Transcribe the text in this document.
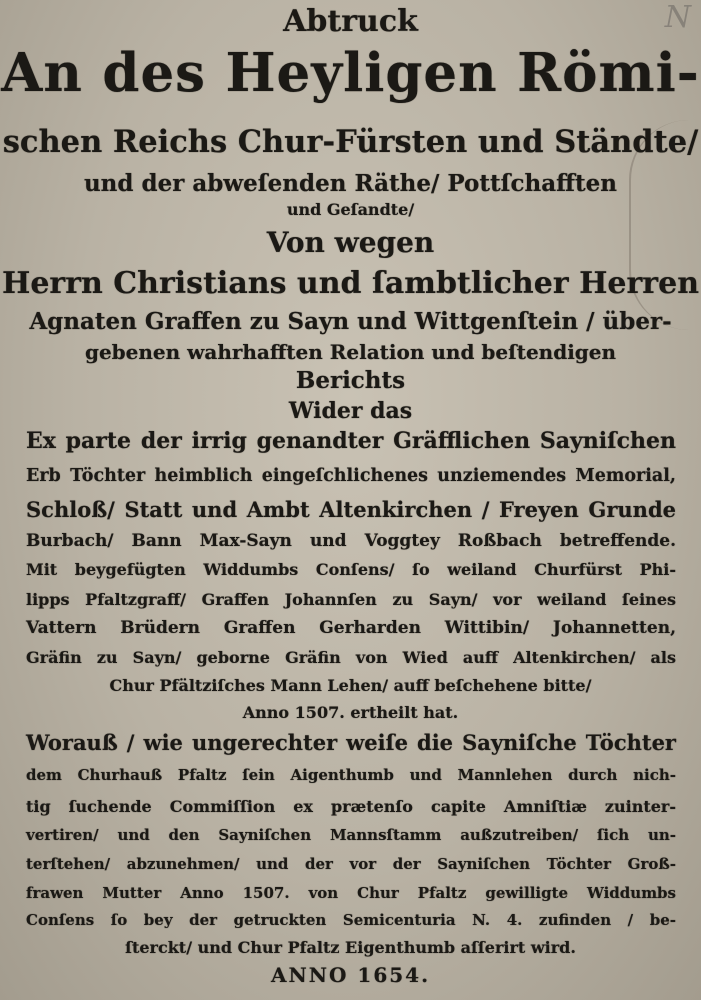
N
Abtruck
An des Heyligen Römi-
schen Reichs Chur-Fürsten und Ständte/
und der abweſenden Räthe/ Pottſchafften
und Geſandte/
Von wegen
Herrn Christians und ſambtlicher Herren
Agnaten Graffen zu Sayn und Wittgenſtein / über-
gebenen wahrhafften Relation und beſtendigen
Berichts
Wider das
Ex parte der irrig genandter Gräfflichen Sayniſchen
Erb Töchter heimblich eingeſchlichenes unziemendes Memorial,
Schloß/ Statt und Ambt Altenkirchen / Freyen Grunde
Burbach/ Bann Max-Sayn und Voggtey Roßbach betreffende.
Mit beygefügten Widdumbs Conſens/ ſo weiland Churfürst Phi-
lipps Pfaltzgraff/ Graffen Johannſen zu Sayn/ vor weiland ſeines
Vattern Brüdern Graffen Gerharden Wittibin/ Johannetten,
Gräfin zu Sayn/ geborne Gräfin von Wied auff Altenkirchen/ als
Chur Pfältziſches Mann Lehen/ auff beſchehene bitte/
Anno 1507. ertheilt hat.
Worauß / wie ungerechter weiſe die Sayniſche Töchter
dem Churhauß Pfaltz ſein Aigenthumb und Mannlehen durch nich-
tig ſuchende Commiſſion ex prætenſo capite Amniſtiæ zuinter-
vertiren/ und den Sayniſchen Mannsſtamm außzutreiben/ ſich un-
terſtehen/ abzunehmen/ und der vor der Sayniſchen Töchter Groß-
frawen Mutter Anno 1507. von Chur Pfaltz gewilligte Widdumbs
Conſens ſo bey der getruckten Semicenturia N. 4. zufinden / be-
ſterckt/ und Chur Pfaltz Eigenthumb aſſerirt wird.
ANNO 1654.
